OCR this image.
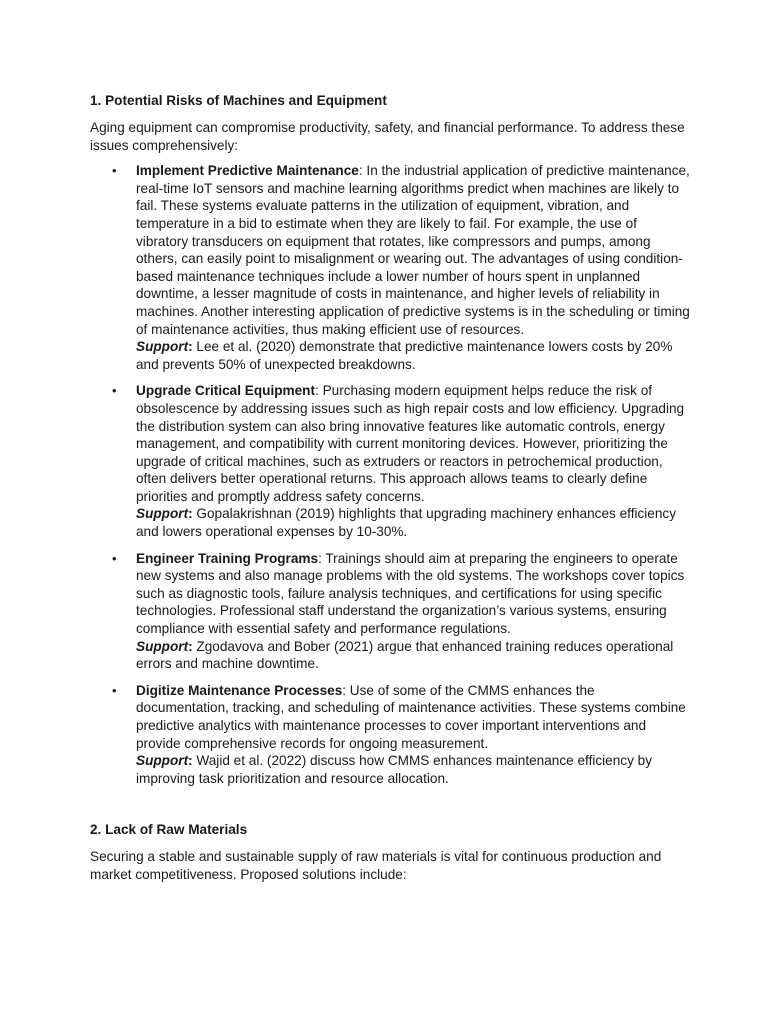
1. Potential Risks of Machines and Equipment

Aging equipment can compromise productivity, safety, and financial performance. To address these issues comprehensively:

• Implement Predictive Maintenance: In the industrial application of predictive maintenance, real-time IoT sensors and machine learning algorithms predict when machines are likely to fail. These systems evaluate patterns in the utilization of equipment, vibration, and temperature in a bid to estimate when they are likely to fail. For example, the use of vibratory transducers on equipment that rotates, like compressors and pumps, among others, can easily point to misalignment or wearing out. The advantages of using condition-based maintenance techniques include a lower number of hours spent in unplanned downtime, a lesser magnitude of costs in maintenance, and higher levels of reliability in machines. Another interesting application of predictive systems is in the scheduling or timing of maintenance activities, thus making efficient use of resources.
Support: Lee et al. (2020) demonstrate that predictive maintenance lowers costs by 20% and prevents 50% of unexpected breakdowns.
• Upgrade Critical Equipment: Purchasing modern equipment helps reduce the risk of obsolescence by addressing issues such as high repair costs and low efficiency. Upgrading the distribution system can also bring innovative features like automatic controls, energy management, and compatibility with current monitoring devices. However, prioritizing the upgrade of critical machines, such as extruders or reactors in petrochemical production, often delivers better operational returns. This approach allows teams to clearly define priorities and promptly address safety concerns.
Support: Gopalakrishnan (2019) highlights that upgrading machinery enhances efficiency and lowers operational expenses by 10-30%.
• Engineer Training Programs: Trainings should aim at preparing the engineers to operate new systems and also manage problems with the old systems. The workshops cover topics such as diagnostic tools, failure analysis techniques, and certifications for using specific technologies. Professional staff understand the organization’s various systems, ensuring compliance with essential safety and performance regulations.
Support: Zgodavova and Bober (2021) argue that enhanced training reduces operational errors and machine downtime.
• Digitize Maintenance Processes: Use of some of the CMMS enhances the documentation, tracking, and scheduling of maintenance activities. These systems combine predictive analytics with maintenance processes to cover important interventions and provide comprehensive records for ongoing measurement.
Support: Wajid et al. (2022) discuss how CMMS enhances maintenance efficiency by improving task prioritization and resource allocation.
2. Lack of Raw Materials

Securing a stable and sustainable supply of raw materials is vital for continuous production and market competitiveness. Proposed solutions include:
